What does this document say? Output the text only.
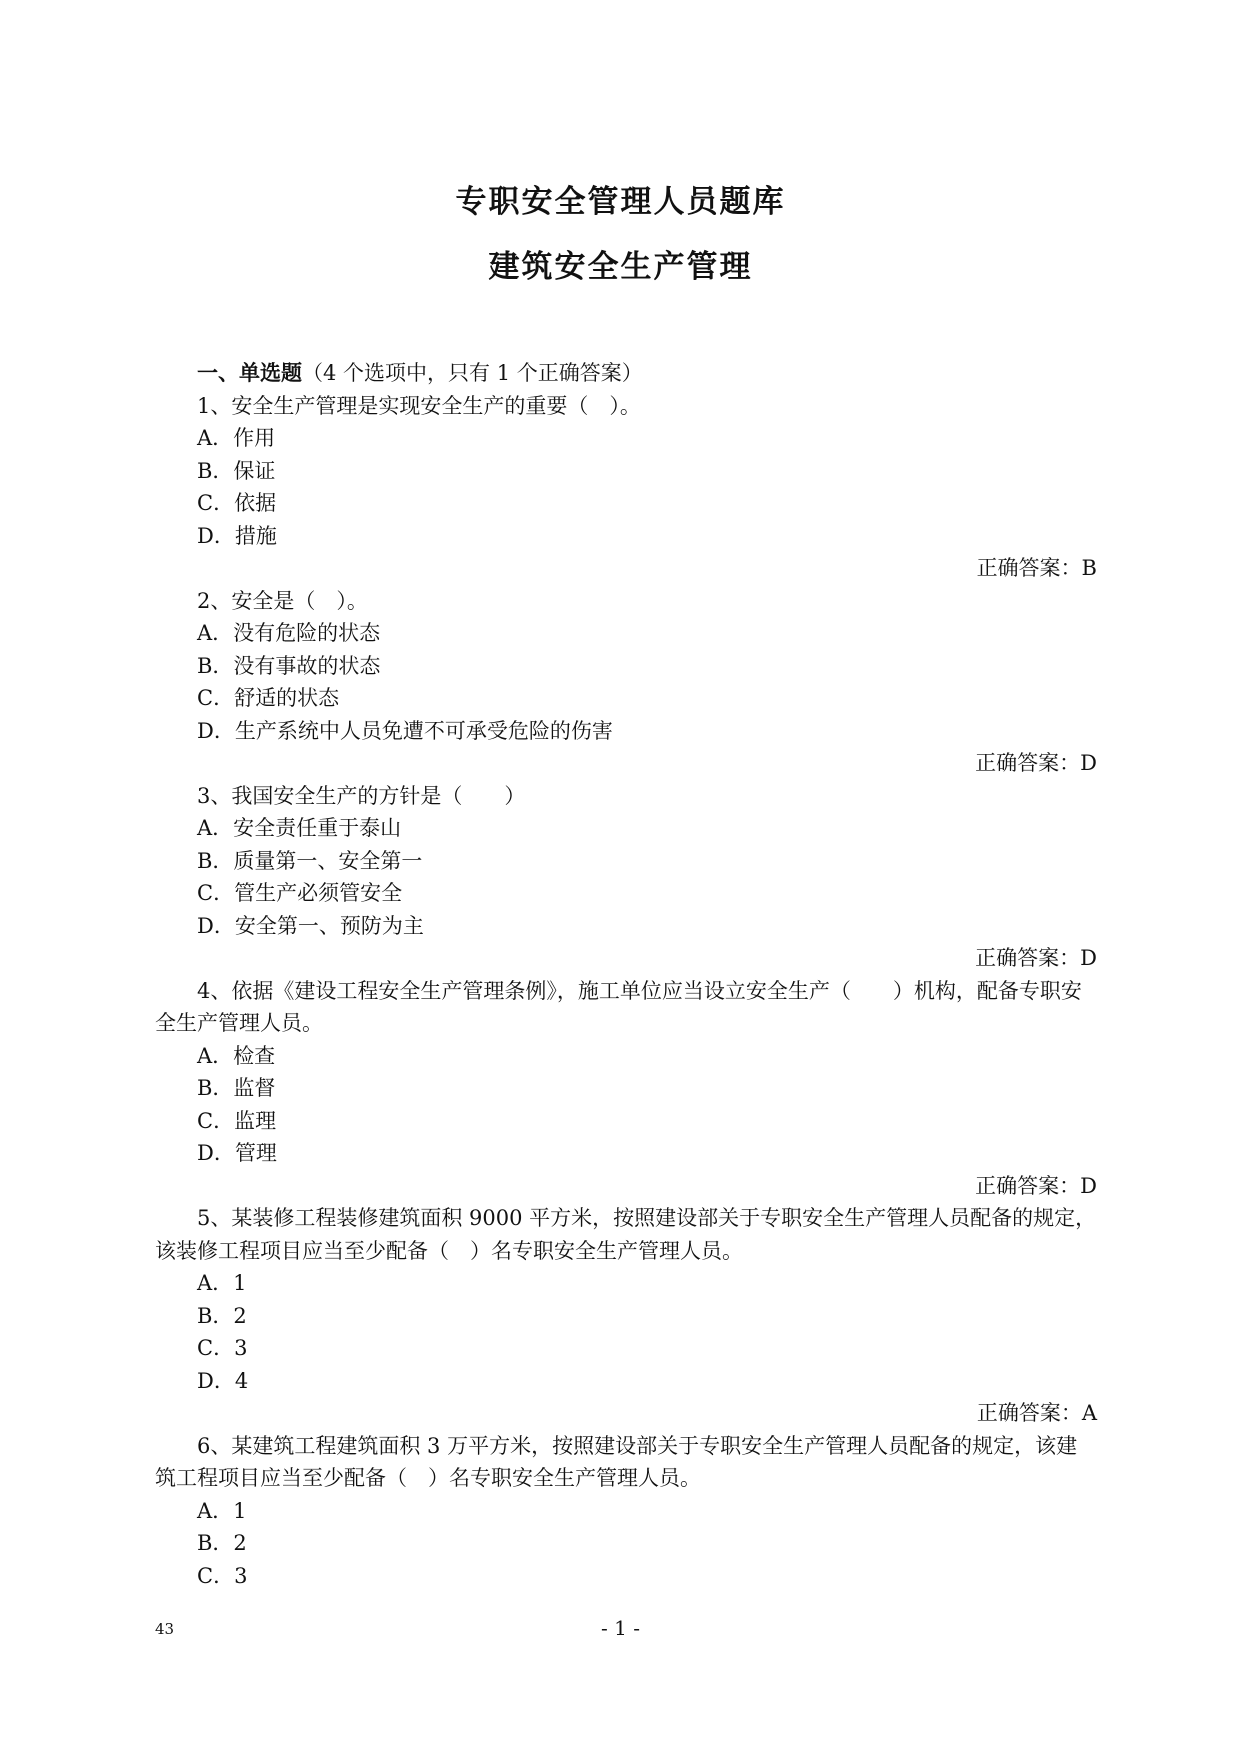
专职安全管理人员题库
建筑安全生产管理
一、单选题（4 个选项中，只有 1 个正确答案）
1、安全生产管理是实现安全生产的重要（　）。
A．作用
B．保证
C．依据
D．措施
正确答案：B
2、安全是（　）。
A．没有危险的状态
B．没有事故的状态
C．舒适的状态
D．生产系统中人员免遭不可承受危险的伤害
正确答案：D
3、我国安全生产的方针是（　　）
A．安全责任重于泰山
B．质量第一、安全第一
C．管生产必须管安全
D．安全第一、预防为主
正确答案：D
4、依据《建设工程安全生产管理条例》，施工单位应当设立安全生产（　　）机构，配备专职安
全生产管理人员。
A．检查
B．监督
C．监理
D．管理
正确答案：D
5、某装修工程装修建筑面积 9000 平方米，按照建设部关于专职安全生产管理人员配备的规定，
该装修工程项目应当至少配备（　）名专职安全生产管理人员。
A．1
B．2
C．3
D．4
正确答案：A
6、某建筑工程建筑面积 3 万平方米，按照建设部关于专职安全生产管理人员配备的规定，该建
筑工程项目应当至少配备（　）名专职安全生产管理人员。
A．1
B．2
C．3
43	- 1 -
